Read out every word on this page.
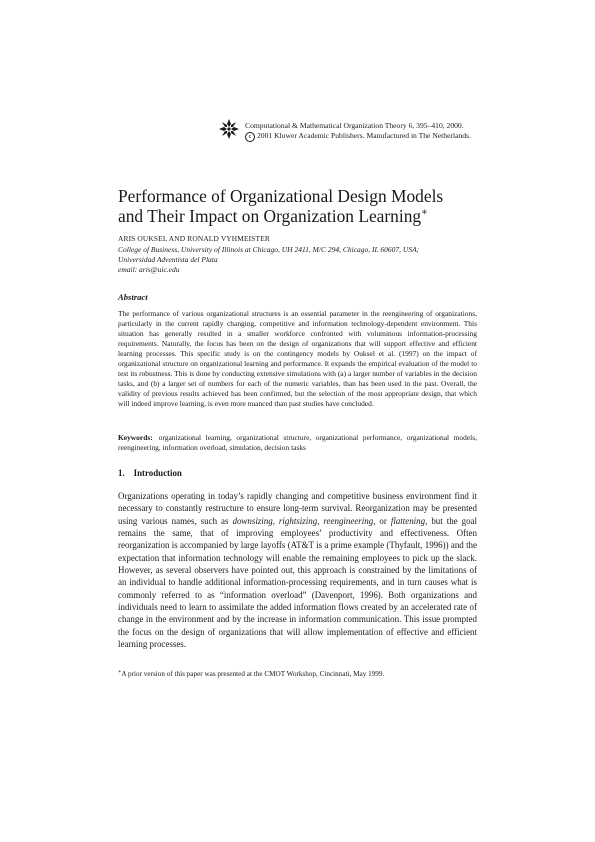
Computational & Mathematical Organization Theory 6, 395–410, 2000.
c 2001 Kluwer Academic Publishers. Manufactured in The Netherlands.
Performance of Organizational Design Models
and Their Impact on Organization Learning∗
ARIS OUKSEL AND RONALD VYHMEISTER
College of Business, University of Illinois at Chicago, UH 2411, M/C 294, Chicago, IL 60607, USA;
Universidad Adventista del Plata
email: aris@uic.edu
Abstract

The performance of various organizational structures is an essential parameter in the reengineering of organizations, particularly in the current rapidly changing, competitive and information technology-dependent environment. This situation has generally resulted in a smaller workforce confronted with voluminous information-processing requirements. Naturally, the focus has been on the design of organizations that will support effective and efficient learning processes. This specific study is on the contingency models by Ouksel et al. (1997) on the impact of organizational structure on organizational learning and performance. It expands the empirical evaluation of the model to test its robustness. This is done by conducting extensive simulations with (a) a larger number of variables in the decision tasks, and (b) a larger set of numbers for each of the numeric variables, than has been used in the past. Overall, the validity of previous results achieved has been confirmed, but the selection of the most appropriate design, that which will indeed improve learning, is even more nuanced than past studies have concluded.

Keywords: organizational learning, organizational structure, organizational performance, organizational models, reengineering, information overload, simulation, decision tasks
1. Introduction

Organizations operating in today’s rapidly changing and competitive business environment find it necessary to constantly restructure to ensure long-term survival. Reorganization may be presented using various names, such as downsizing, rightsizing, reengineering, or flattening, but the goal remains the same, that of improving employees’ productivity and effectiveness. Often reorganization is accompanied by large layoffs (AT&T is a prime example (Thyfault, 1996)) and the expectation that information technology will enable the remaining employees to pick up the slack. However, as several observers have pointed out, this approach is constrained by the limitations of an individual to handle additional information-processing requirements, and in turn causes what is commonly referred to as “information overload” (Davenport, 1996). Both organizations and individuals need to learn to assimilate the added information flows created by an accelerated rate of change in the environment and by the increase in information communication. This issue prompted the focus on the design of organizations that will allow implementation of effective and efficient learning processes.

∗A prior version of this paper was presented at the CMOT Workshop, Cincinnati, May 1999.
